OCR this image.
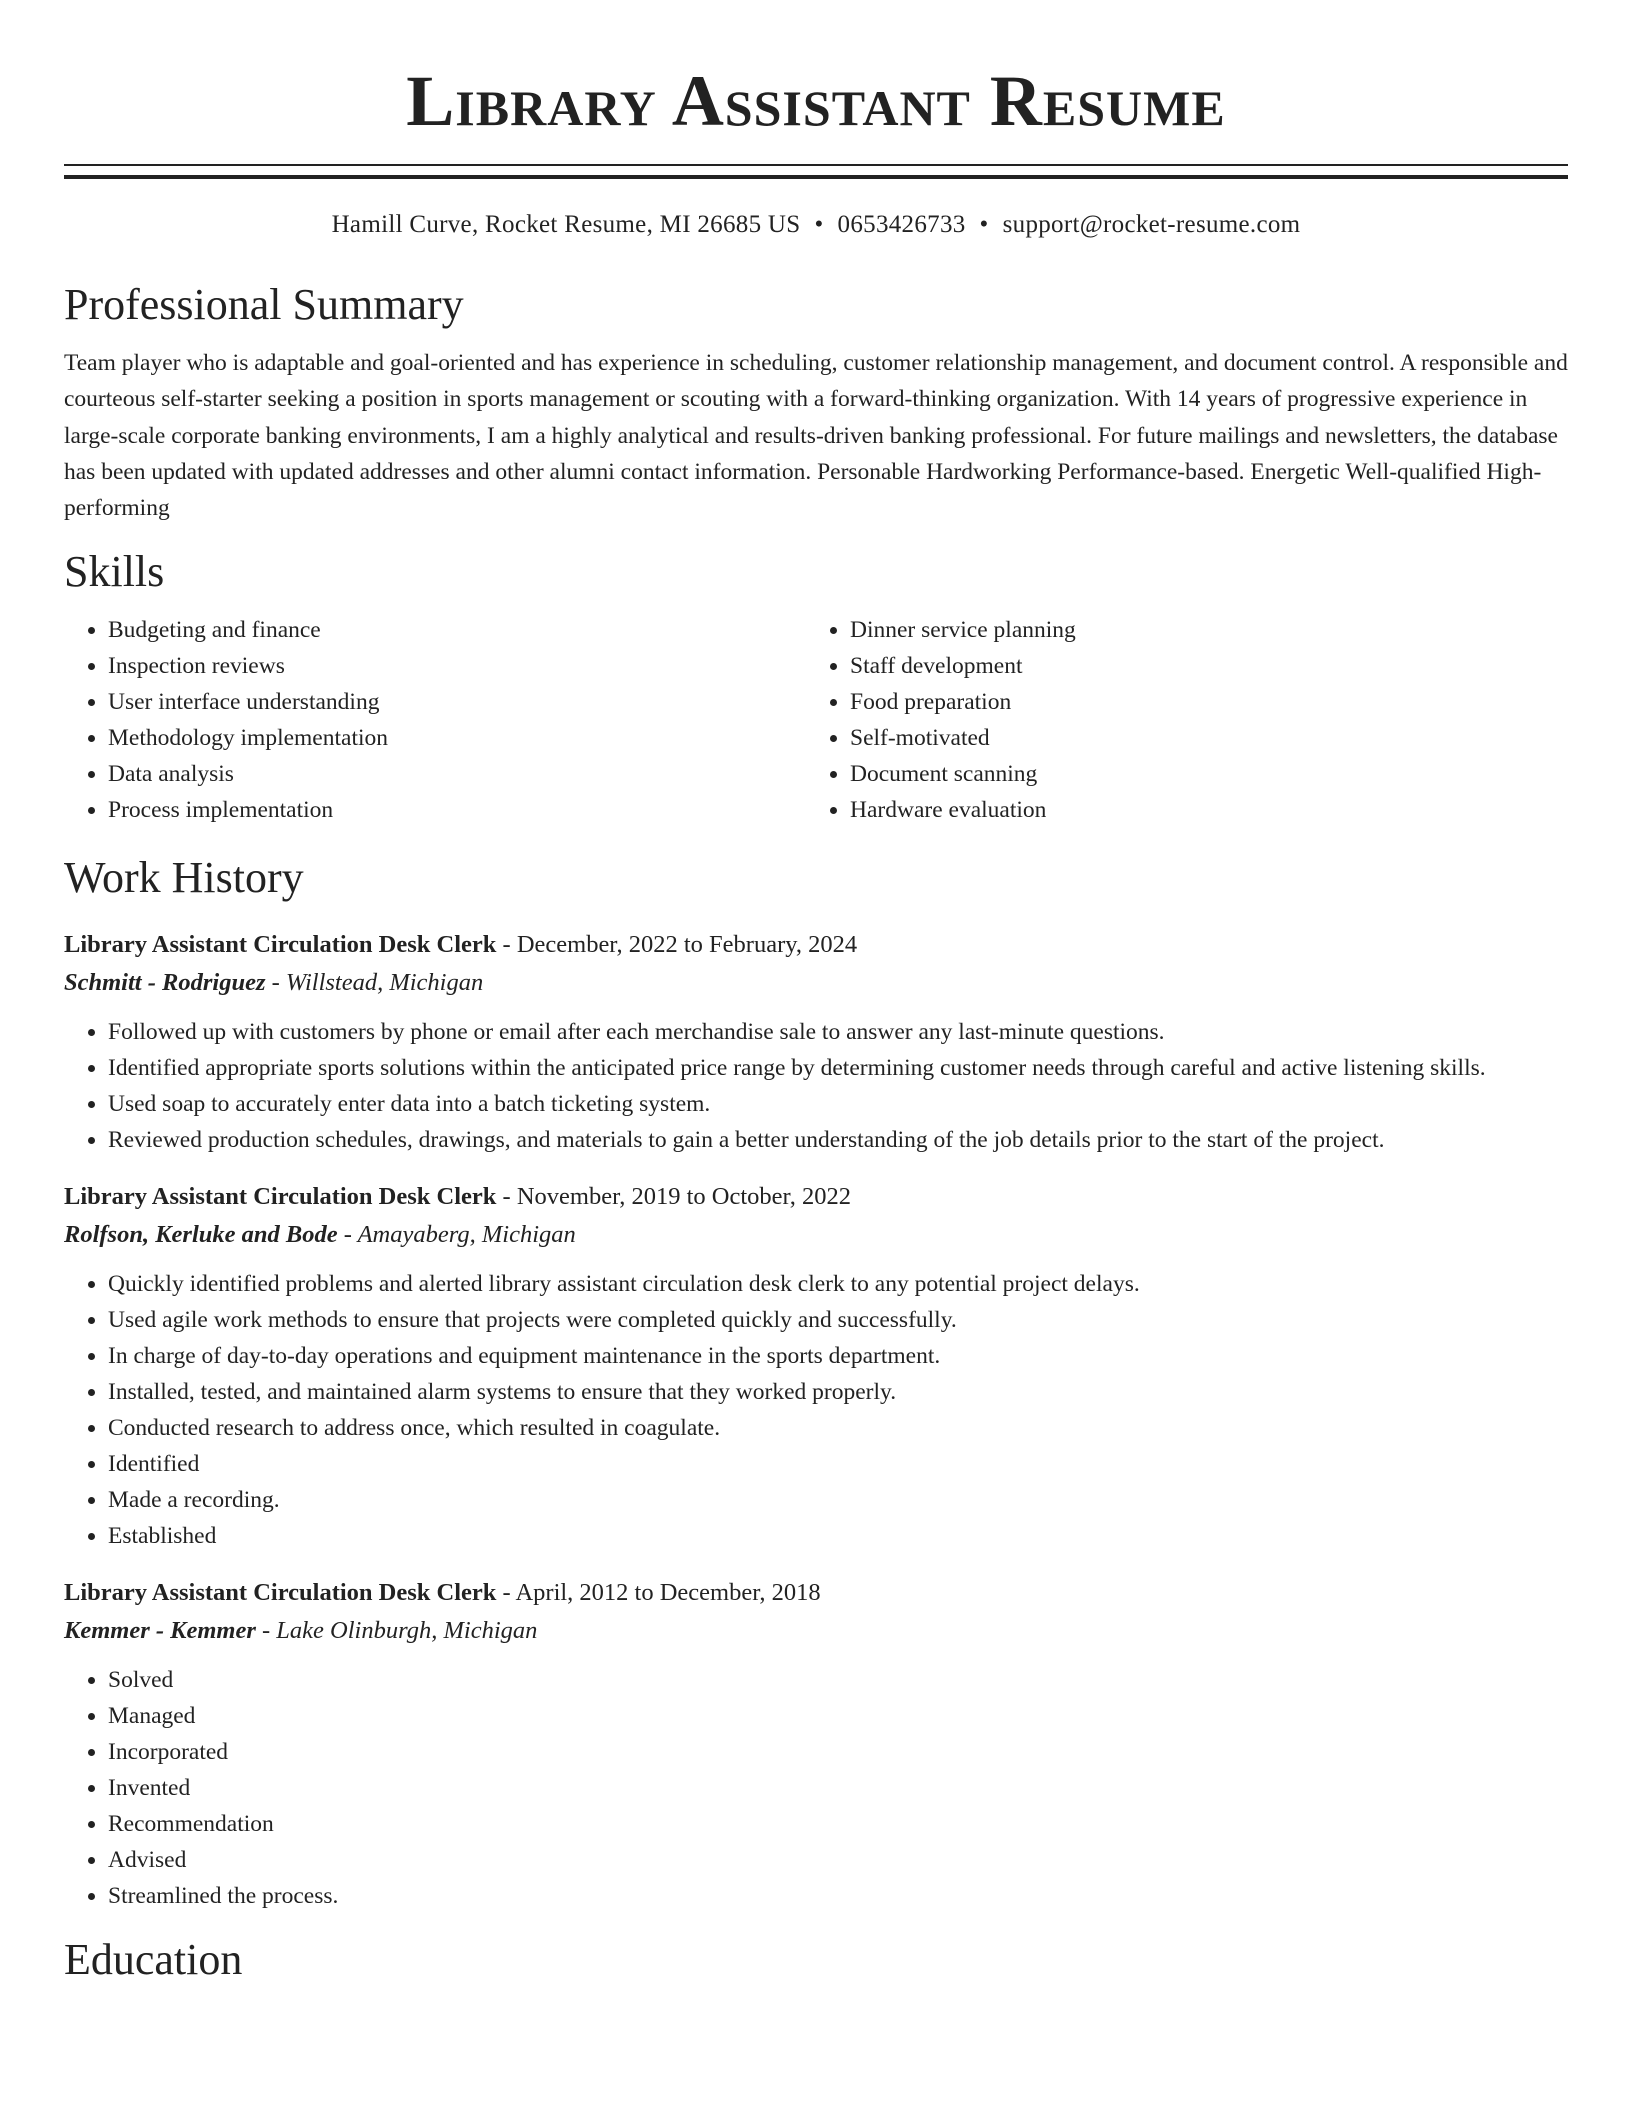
Library Assistant Resume
Hamill Curve, Rocket Resume, MI 26685 US • 0653426733 • support@rocket-resume.com
Professional Summary

Team player who is adaptable and goal-oriented and has experience in scheduling, customer relationship management, and document control. A responsible and courteous self-starter seeking a position in sports management or scouting with a forward-thinking organization. With 14 years of progressive experience in large-scale corporate banking environments, I am a highly analytical and results-driven banking professional. For future mailings and newsletters, the database has been updated with updated addresses and other alumni contact information. Personable Hardworking Performance-based. Energetic Well-qualified High-performing

Skills
• Budgeting and finance
• Inspection reviews
• User interface understanding
• Methodology implementation
• Data analysis
• Process implementation
• Dinner service planning
• Staff development
• Food preparation
• Self-motivated
• Document scanning
• Hardware evaluation
Work History
Library Assistant Circulation Desk Clerk - December, 2022 to February, 2024
Schmitt - Rodriguez - Willstead, Michigan
• Followed up with customers by phone or email after each merchandise sale to answer any last-minute questions.
• Identified appropriate sports solutions within the anticipated price range by determining customer needs through careful and active listening skills.
• Used soap to accurately enter data into a batch ticketing system.
• Reviewed production schedules, drawings, and materials to gain a better understanding of the job details prior to the start of the project.
Library Assistant Circulation Desk Clerk - November, 2019 to October, 2022
Rolfson, Kerluke and Bode - Amayaberg, Michigan
• Quickly identified problems and alerted library assistant circulation desk clerk to any potential project delays.
• Used agile work methods to ensure that projects were completed quickly and successfully.
• In charge of day-to-day operations and equipment maintenance in the sports department.
• Installed, tested, and maintained alarm systems to ensure that they worked properly.
• Conducted research to address once, which resulted in coagulate.
• Identified
• Made a recording.
• Established
Library Assistant Circulation Desk Clerk - April, 2012 to December, 2018
Kemmer - Kemmer - Lake Olinburgh, Michigan
• Solved
• Managed
• Incorporated
• Invented
• Recommendation
• Advised
• Streamlined the process.
Education
